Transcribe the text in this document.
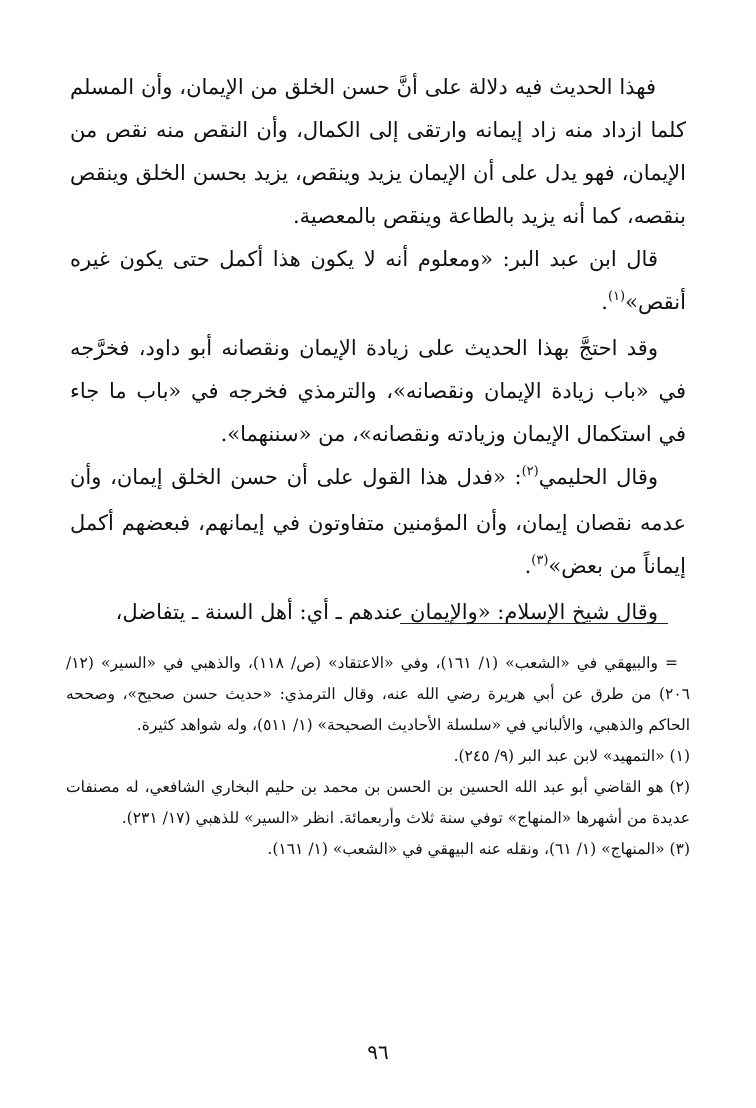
فهذا الحديث فيه دلالة على أنَّ حسن الخلق من الإيمان، وأن المسلم كلما ازداد منه زاد إيمانه وارتقى إلى الكمال، وأن النقص منه نقص من الإيمان، فهو يدل على أن الإيمان يزيد وينقص، يزيد بحسن الخلق وينقص بنقصه، كما أنه يزيد بالطاعة وينقص بالمعصية.

قال ابن عبد البر: «ومعلوم أنه لا يكون هذا أكمل حتى يكون غيره أنقص»$^{(١)}$.

وقد احتجَّ بهذا الحديث على زيادة الإيمان ونقصانه أبو داود، فخرَّجه في «باب زيادة الإيمان ونقصانه»، والترمذي فخرجه في «باب ما جاء في استكمال الإيمان وزيادته ونقصانه»، من «سننهما».

وقال الحليمي$^{(٢)}$: «فدل هذا القول على أن حسن الخلق إيمان، وأن عدمه نقصان إيمان، وأن المؤمنين متفاوتون في إيمانهم، فبعضهم أكمل إيماناً من بعض»$^{(٣)}$.

وقال شيخ الإسلام: «والإيمان عندهم ـ أي: أهل السنة ـ يتفاضل،

= والبيهقي في «الشعب» (١/ ١٦١)، وفي «الاعتقاد» (ص/ ١١٨)، والذهبي في «السير» (١٢/ ٢٠٦) من طرق عن أبي هريرة رضي الله عنه، وقال الترمذي: «حديث حسن صحيح»، وصححه الحاكم والذهبي، والألباني في «سلسلة الأحاديث الصحيحة» (١/ ٥١١)، وله شواهد كثيرة.

(١) «التمهيد» لابن عبد البر (٩/ ٢٤٥).

(٢) هو القاضي أبو عبد الله الحسين بن الحسن بن محمد بن حليم البخاري الشافعي، له مصنفات عديدة من أشهرها «المنهاج» توفي سنة ثلاث وأربعمائة. انظر «السير» للذهبي (١٧/ ٢٣١).

(٣) «المنهاج» (١/ ٦١)، ونقله عنه البيهقي في «الشعب» (١/ ١٦١).

٩٦
